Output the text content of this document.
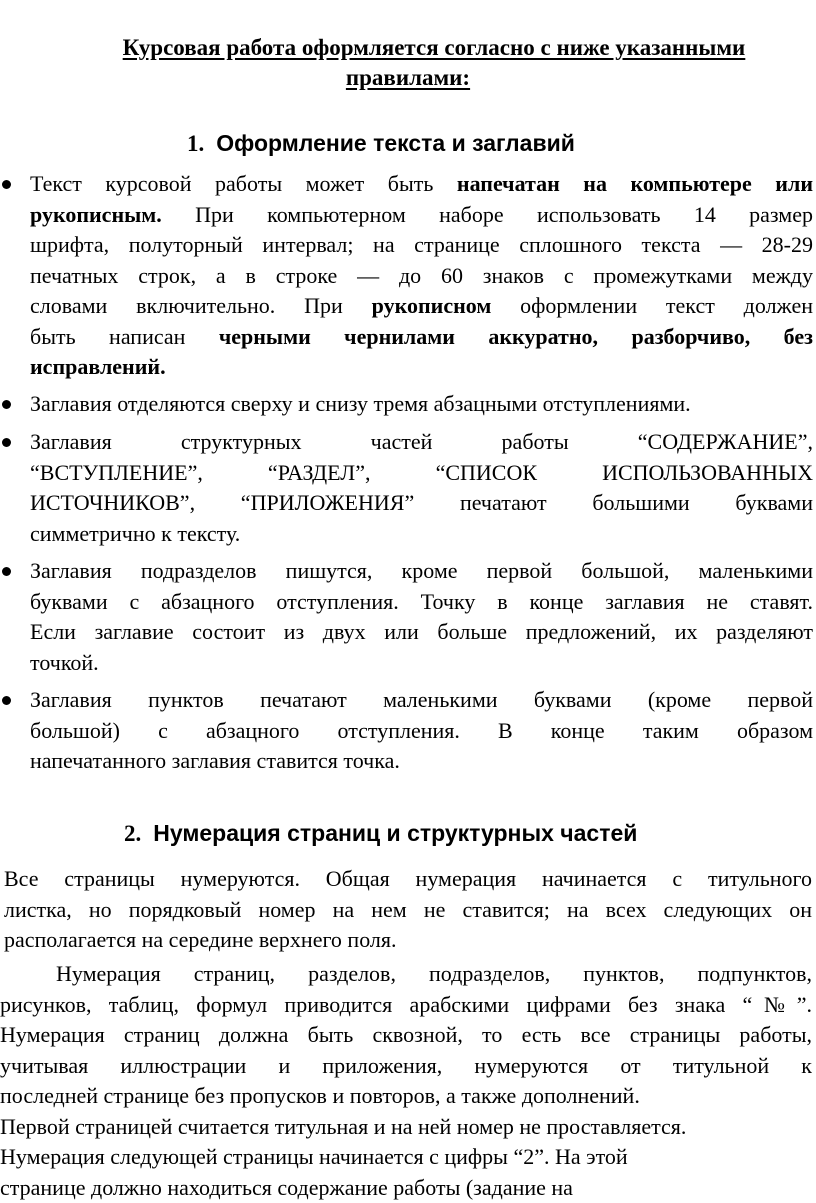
Курсовая работа оформляется согласно с ниже указанными
правилами:
1. Оформление текста и заглавий
Текст курсовой работы может быть напечатан на компьютере или
рукописным. При компьютерном наборе использовать 14 размер
шрифта, полуторный интервал; на странице сплошного текста — 28-29
печатных строк, а в строке — до 60 знаков с промежутками между
словами включительно. При рукописном оформлении текст должен
быть написан черными чернилами аккуратно, разборчиво, без
исправлений.
Заглавия отделяются сверху и снизу тремя абзацными отступлениями.
Заглавия структурных частей работы “СОДЕРЖАНИЕ”,
“ВСТУПЛЕНИЕ”, “РАЗДЕЛ”, “СПИСОК ИСПОЛЬЗОВАННЫХ
ИСТОЧНИКОВ”, “ПРИЛОЖЕНИЯ” печатают большими буквами
симметрично к тексту.
Заглавия подразделов пишутся, кроме первой большой, маленькими
буквами с абзацного отступления. Точку в конце заглавия не ставят.
Если заглавие состоит из двух или больше предложений, их разделяют
точкой.
Заглавия пунктов печатают маленькими буквами (кроме первой
большой) с абзацного отступления. В конце таким образом
напечатанного заглавия ставится точка.
2. Нумерация страниц и структурных частей
Все страницы нумеруются. Общая нумерация начинается с титульного
листка, но порядковый номер на нем не ставится; на всех следующих он
располагается на середине верхнего поля.
Нумерация страниц, разделов, подразделов, пунктов, подпунктов,
рисунков, таблиц, формул приводится арабскими цифрами без знака “№”.
Нумерация страниц должна быть сквозной, то есть все страницы работы,
учитывая иллюстрации и приложения, нумеруются от титульной к
последней странице без пропусков и повторов, а также дополнений.
Первой страницей считается титульная и на ней номер не проставляется.
Нумерация следующей страницы начинается с цифры “2”. На этой
странице должно находиться содержание работы (задание на
